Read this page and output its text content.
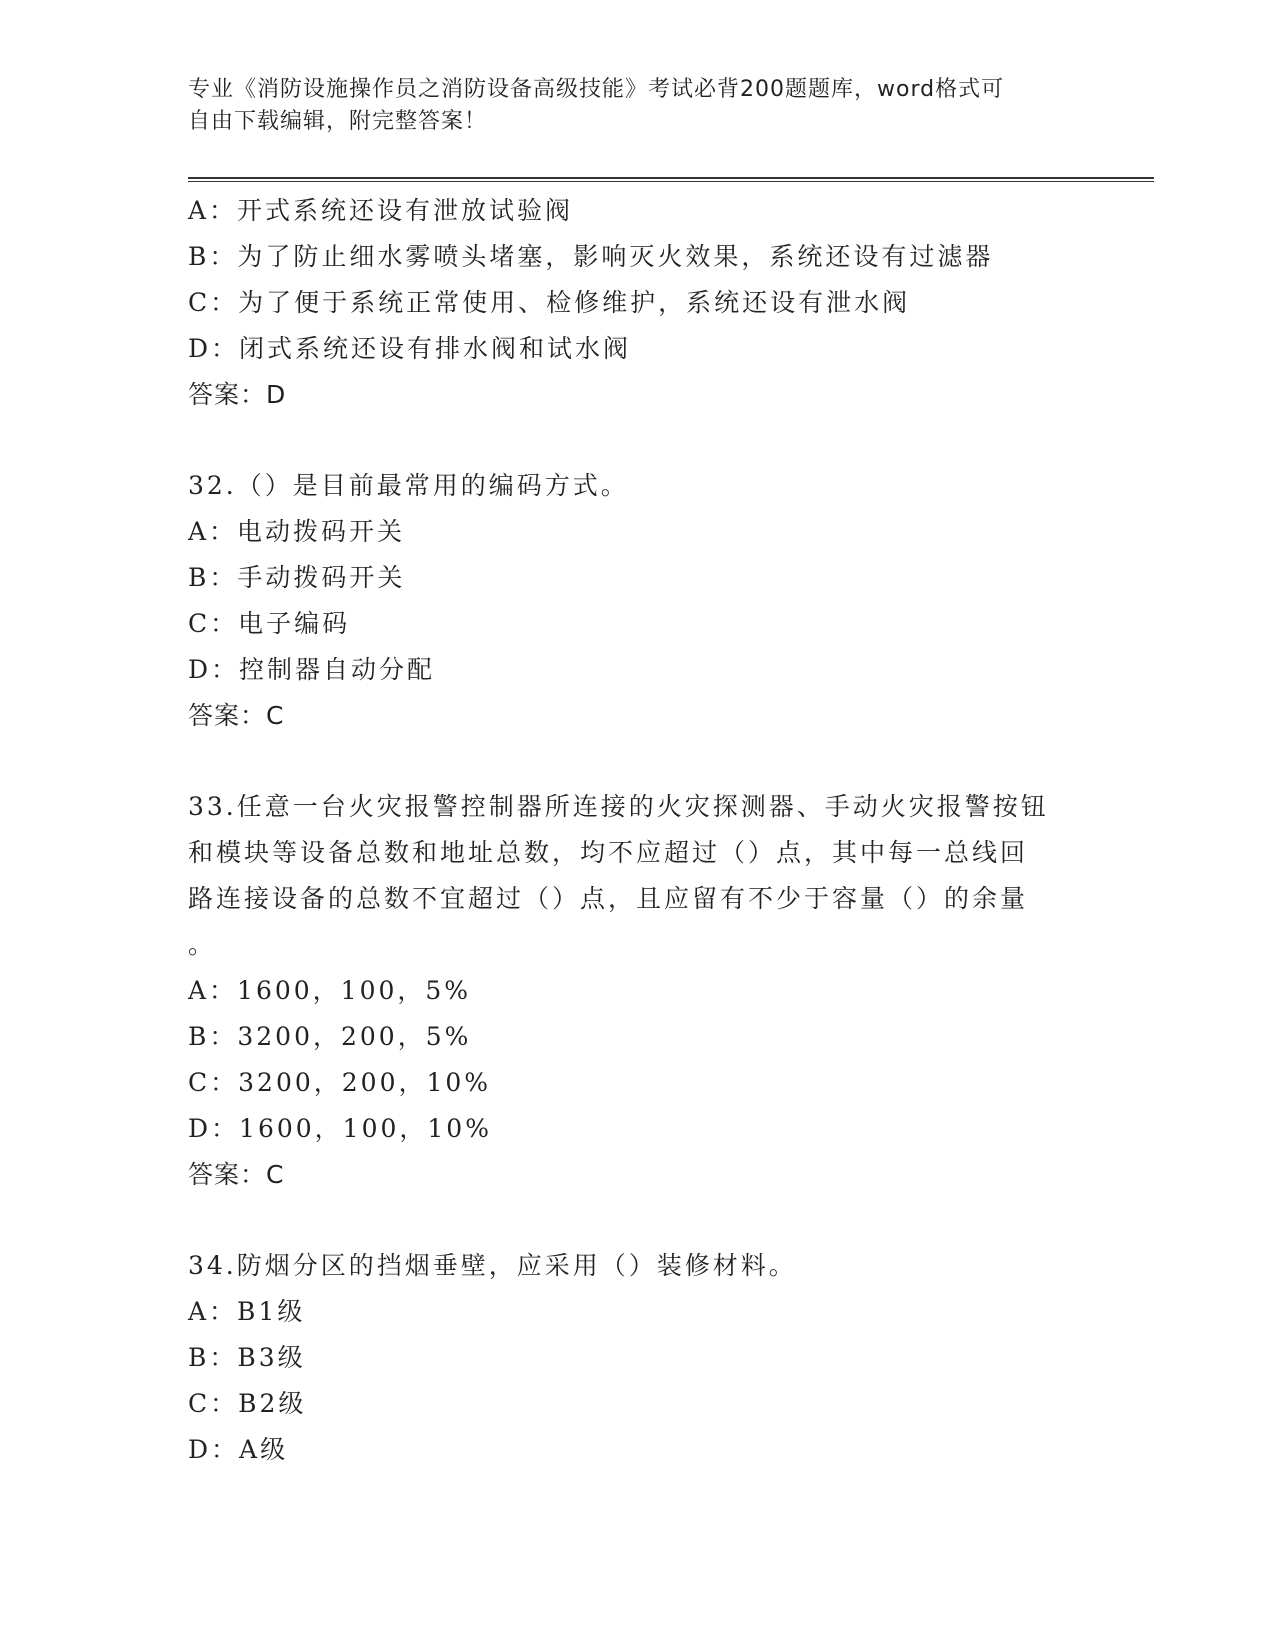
专业《消防设施操作员之消防设备高级技能》考试必背200题题库，word格式可
自由下载编辑，附完整答案！
A：开式系统还设有泄放试验阀
B：为了防止细水雾喷头堵塞，影响灭火效果，系统还设有过滤器
C：为了便于系统正常使用、检修维护，系统还设有泄水阀
D：闭式系统还设有排水阀和试水阀
答案：D
32.（）是目前最常用的编码方式。
A：电动拨码开关
B：手动拨码开关
C：电子编码
D：控制器自动分配
答案：C
33.任意一台火灾报警控制器所连接的火灾探测器、手动火灾报警按钮
和模块等设备总数和地址总数，均不应超过（）点，其中每一总线回
路连接设备的总数不宜超过（）点，且应留有不少于容量（）的余量
。
A：1600，100，5%
B：3200，200，5%
C：3200，200，10%
D：1600，100，10%
答案：C
34.防烟分区的挡烟垂壁，应采用（）装修材料。
A：B1级
B：B3级
C：B2级
D：A级
